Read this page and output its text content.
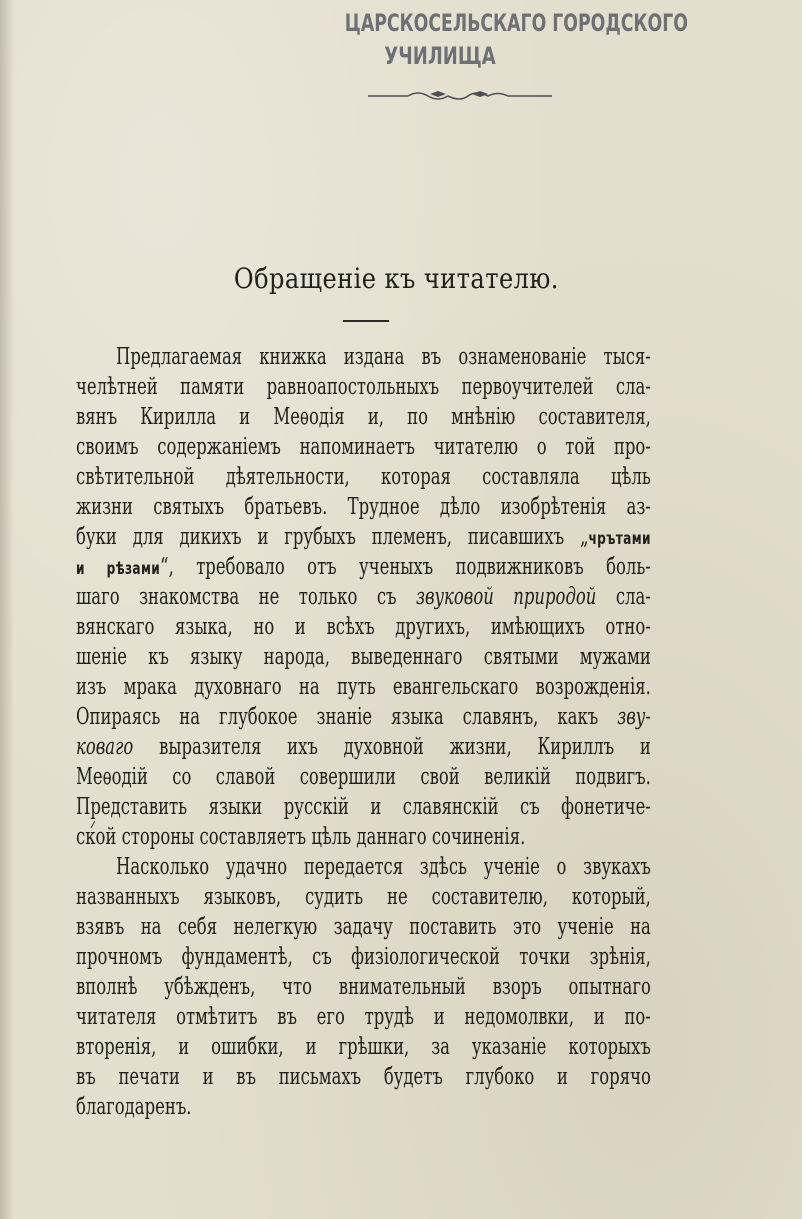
ЦАРСКОСЕЛЬСКАГО ГОРОДСКОГО
УЧИЛИЩА
Обращенiе къ читателю.
Предлагаемая книжка издана въ ознаменованiе тыся-
челѣтней памяти равноапостольныхъ первоучителей сла-
вянъ Кирилла и Меѳодiя и, по мнѣнiю составителя,
своимъ содержанiемъ напоминаетъ читателю о той про-
свѣтительной дѣятельности, которая составляла цѣль
жизни святыхъ братьевъ. Трудное дѣло изобрѣтенiя аз-
буки для дикихъ и грубыхъ племенъ, писавшихъ „чрътами
и рѣзами“, требовало отъ ученыхъ подвижниковъ боль-
шаго знакомства не только съ звуковой природой сла-
вянскаго языка, но и всѣхъ другихъ, имѣющихъ отно-
шенiе къ языку народа, выведеннаго святыми мужами
изъ мрака духовнаго на путь евангельскаго возрожденiя.
Опираясь на глубокое знанiе языка славянъ, какъ зву-
коваго выразителя ихъ духовной жизни, Кириллъ и
Меѳодiй со славой совершили свой великiй подвигъ.
Представить языки русскiй и славянскiй съ фонетиче-
ской стороны составляетъ цѣль даннаго сочиненiя.
Насколько удачно передается здѣсь ученiе о звукахъ
названныхъ языковъ, судить не составителю, который,
взявъ на себя нелегкую задачу поставить это ученiе на
прочномъ фундаментѣ, съ физiологической точки зрѣнiя,
вполнѣ убѣжденъ, что внимательный взоръ опытнаго
читателя отмѣтитъ въ его трудѣ и недомолвки, и по-
вторенiя, и ошибки, и грѣшки, за указанiе которыхъ
въ печати и въ письмахъ будетъ глубоко и горячо
благодаренъ.
